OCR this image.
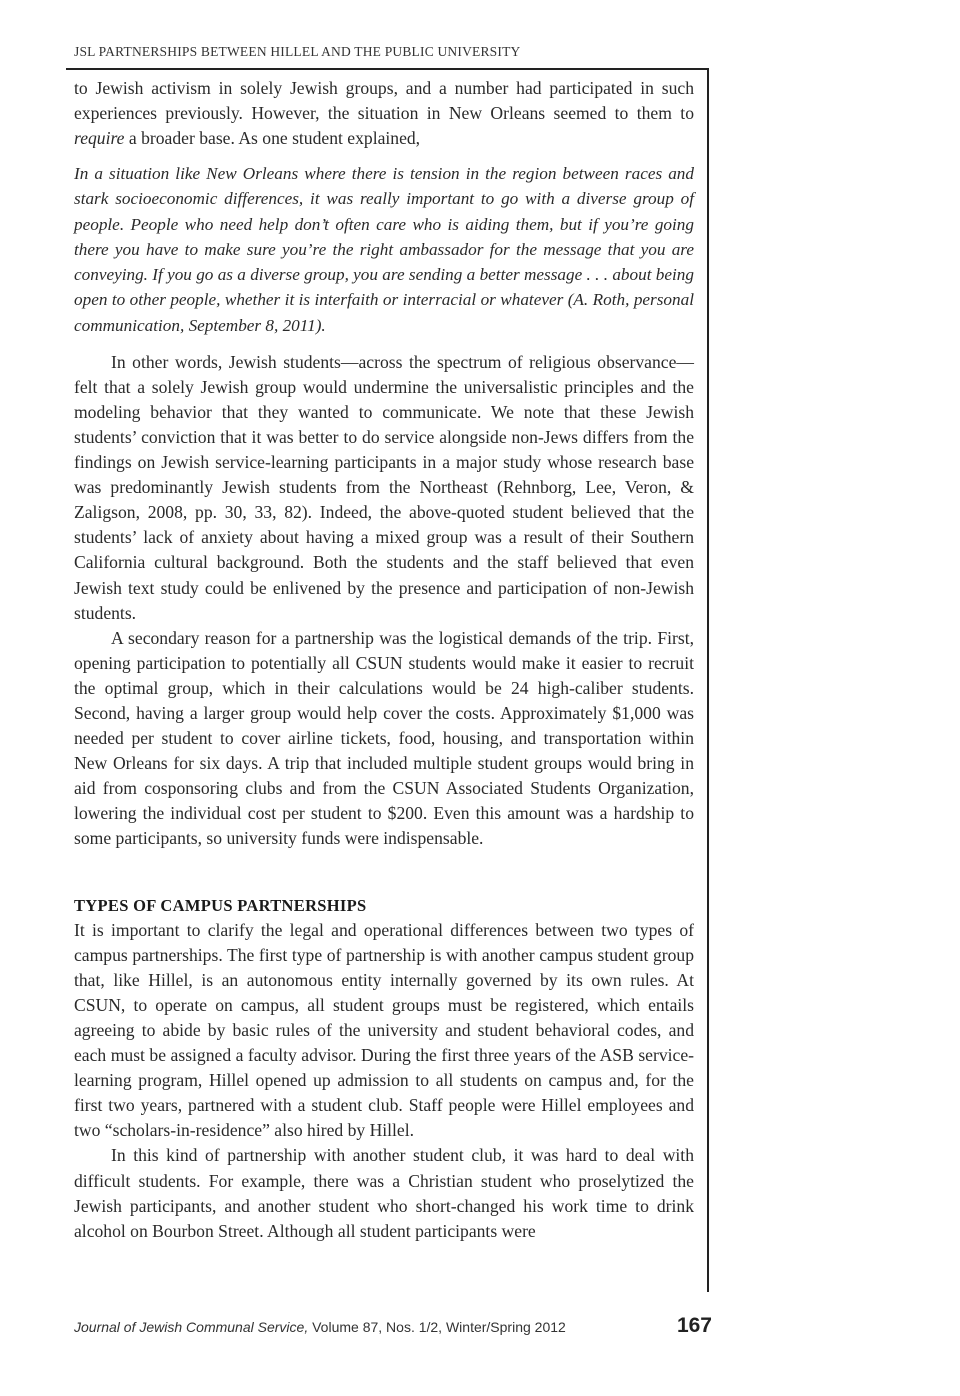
JSL PARTNERSHIPS BETWEEN HILLEL AND THE PUBLIC UNIVERSITY

to Jewish activism in solely Jewish groups, and a number had participated in such experiences previously. However, the situation in New Orleans seemed to them to require a broader base. As one student explained,

In a situation like New Orleans where there is tension in the region between races and stark socioeconomic differences, it was really important to go with a diverse group of people. People who need help don’t often care who is aiding them, but if you’re going there you have to make sure you’re the right ambassador for the message that you are conveying. If you go as a diverse group, you are sending a better message . . . about being open to other people, whether it is interfaith or interracial or whatever (A. Roth, personal communication, September 8, 2011).

In other words, Jewish students—across the spectrum of religious observance—felt that a solely Jewish group would undermine the universalistic principles and the modeling behavior that they wanted to communicate. We note that these Jewish students’ conviction that it was better to do service alongside non-Jews differs from the findings on Jewish service-learning participants in a major study whose research base was predominantly Jewish students from the Northeast (Rehnborg, Lee, Veron, & Zaligson, 2008, pp. 30, 33, 82). Indeed, the above-quoted student believed that the students’ lack of anxiety about having a mixed group was a result of their Southern California cultural background. Both the students and the staff believed that even Jewish text study could be enlivened by the presence and participation of non-Jewish students.

A secondary reason for a partnership was the logistical demands of the trip. First, opening participation to potentially all CSUN students would make it easier to recruit the optimal group, which in their calculations would be 24 high-caliber students. Second, having a larger group would help cover the costs. Approximately $1,000 was needed per student to cover airline tickets, food, housing, and transportation within New Orleans for six days. A trip that included multiple student groups would bring in aid from cosponsoring clubs and from the CSUN Associated Students Organization, lowering the individual cost per student to $200. Even this amount was a hardship to some participants, so university funds were indispensable.

TYPES OF CAMPUS PARTNERSHIPS

It is important to clarify the legal and operational differences between two types of campus partnerships. The first type of partnership is with another campus student group that, like Hillel, is an autonomous entity internally governed by its own rules. At CSUN, to operate on campus, all student groups must be registered, which entails agreeing to abide by basic rules of the university and student behavioral codes, and each must be assigned a faculty advisor. During the first three years of the ASB service-learning program, Hillel opened up admission to all students on campus and, for the first two years, partnered with a student club. Staff people were Hillel employees and two “scholars-in-residence” also hired by Hillel.

In this kind of partnership with another student club, it was hard to deal with difficult students. For example, there was a Christian student who proselytized the Jewish participants, and another student who short-changed his work time to drink alcohol on Bourbon Street. Although all student participants were

Journal of Jewish Communal Service, Volume 87, Nos. 1/2, Winter/Spring 2012	167
